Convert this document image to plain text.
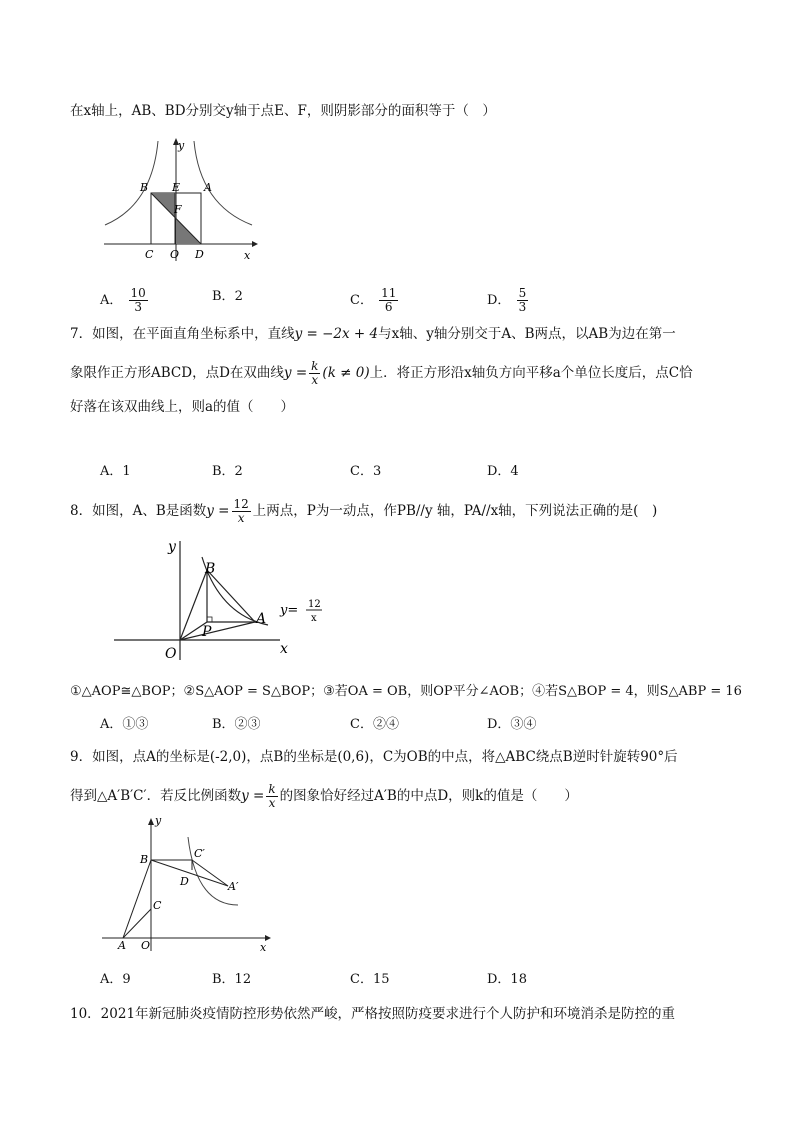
在x轴上，AB、BD分别交y轴于点E、F，则阴影部分的面积等于（　）
y
B E A
F
C O D	x
A． $\frac{10}{3}$	B．2	C． $\frac{11}{6}$	D． $\frac{5}{3}$
7．如图，在平面直角坐标系中，直线y = −2x + 4与x轴、y轴分别交于A、B两点，以AB为边在第一
象限作正方形ABCD，点D在双曲线$y = \frac{k}{x} (k \ne 0)$上．将正方形沿x轴负方向平移a个单位长度后，点C恰
好落在该双曲线上，则a的值（　　）
A．1	B．2	C．3	D．4
8．如图，A、B是函数$y = \frac{12}{x}$ 上两点，P为一动点，作PB//y 轴，PA//x轴，下列说法正确的是(　)
y
B
A
P
O	x
y= 12
x
①△AOP≅△BOP；②S△AOP = S△BOP；③若OA = OB，则OP平分∠AOB；④若S△BOP = 4，则S△ABP = 16
A．①③	B．②③	C．②④	D．③④
9．如图，点A的坐标是(-2,0)，点B的坐标是(0,6)，C为OB的中点，将△ABC绕点B逆时针旋转90°后
得到△A′B′C′．若反比例函数$y = \frac{k}{x}$ 的图象恰好经过A′B的中点D，则k的值是（　　）
y
B	C′
D	A′
C
A O	x
A．9	B．12	C．15	D．18
10．2021年新冠肺炎疫情防控形势依然严峻，严格按照防疫要求进行个人防护和环境消杀是防控的重
